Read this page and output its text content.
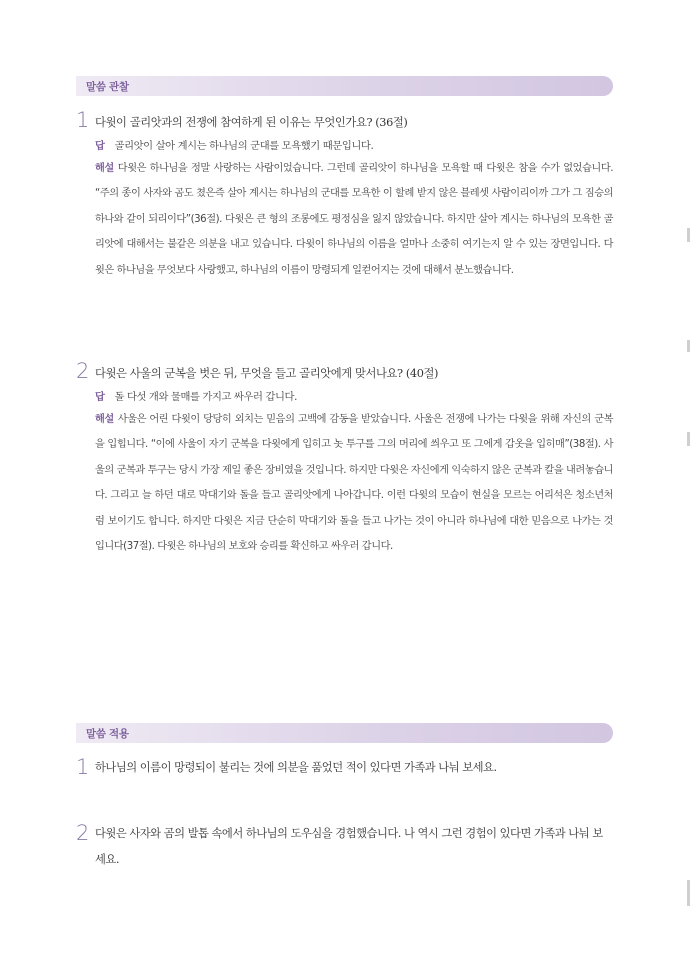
말씀 관찰
1 다윗이 골리앗과의 전쟁에 참여하게 된 이유는 무엇인가요? (36절)
답 골리앗이 살아 계시는 하나님의 군대를 모욕했기 때문입니다.
해설 다윗은 하나님을 정말 사랑하는 사람이었습니다. 그런데 골리앗이 하나님을 모욕할 때 다윗은 참을 수가 없었습니다. “주의 종이 사자와 곰도 쳤은즉 살아 계시는 하나님의 군대를 모욕한 이 할례 받지 않은 블레셋 사람이리이까 그가 그 짐승의 하나와 같이 되리이다”(36절). 다윗은 큰 형의 조롱에도 평정심을 잃지 않았습니다. 하지만 살아 계시는 하나님의 모욕한 골리앗에 대해서는 불같은 의분을 내고 있습니다. 다윗이 하나님의 이름을 얼마나 소중히 여기는지 알 수 있는 장면입니다. 다윗은 하나님을 무엇보다 사랑했고, 하나님의 이름이 망령되게 일컫어지는 것에 대해서 분노했습니다.
2 다윗은 사울의 군복을 벗은 뒤, 무엇을 들고 골리앗에게 맞서나요? (40절)
답 돌 다섯 개와 물매를 가지고 싸우러 갑니다.
해설 사울은 어린 다윗이 당당히 외치는 믿음의 고백에 감동을 받았습니다. 사울은 전쟁에 나가는 다윗을 위해 자신의 군복을 입힙니다. “이에 사울이 자기 군복을 다윗에게 입히고 놋 투구를 그의 머리에 씌우고 또 그에게 갑옷을 입히매”(38절). 사울의 군복과 투구는 당시 가장 제일 좋은 장비였을 것입니다. 하지만 다윗은 자신에게 익숙하지 않은 군복과 칼을 내려놓습니다. 그리고 늘 하던 대로 막대기와 돌을 들고 골리앗에게 나아갑니다. 이런 다윗의 모습이 현실을 모르는 어리석은 청소년처럼 보이기도 합니다. 하지만 다윗은 지금 단순히 막대기와 돌을 들고 나가는 것이 아니라 하나님에 대한 믿음으로 나가는 것입니다(37절). 다윗은 하나님의 보호와 승리를 확신하고 싸우러 갑니다.
말씀 적용
1 하나님의 이름이 망령되이 불리는 것에 의분을 품었던 적이 있다면 가족과 나눠 보세요.
2 다윗은 사자와 곰의 발톱 속에서 하나님의 도우심을 경험했습니다. 나 역시 그런 경험이 있다면 가족과 나눠 보세요.
